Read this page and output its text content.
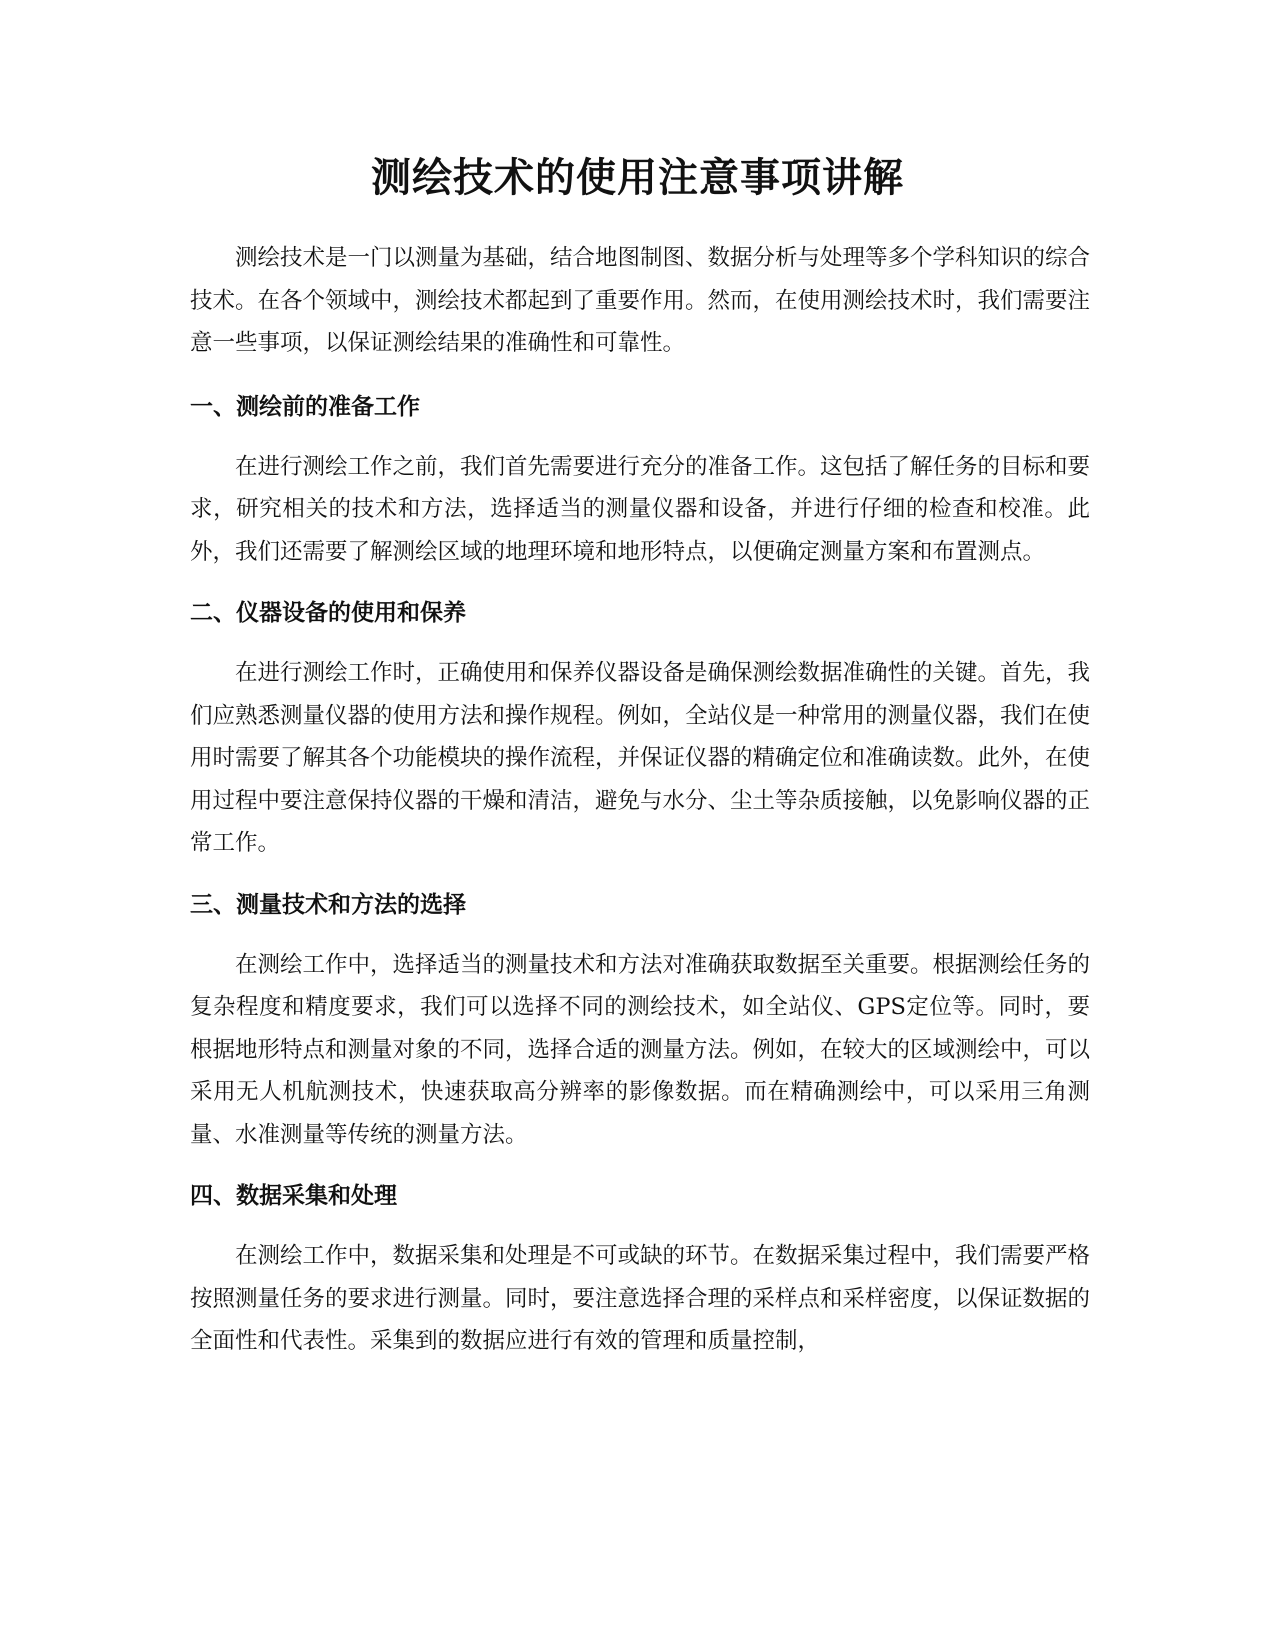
测绘技术的使用注意事项讲解

测绘技术是一门以测量为基础，结合地图制图、数据分析与处理等多个学科知识的综合技术。在各个领域中，测绘技术都起到了重要作用。然而，在使用测绘技术时，我们需要注意一些事项，以保证测绘结果的准确性和可靠性。

一、测绘前的准备工作

在进行测绘工作之前，我们首先需要进行充分的准备工作。这包括了解任务的目标和要求，研究相关的技术和方法，选择适当的测量仪器和设备，并进行仔细的检查和校准。此外，我们还需要了解测绘区域的地理环境和地形特点，以便确定测量方案和布置测点。

二、仪器设备的使用和保养

在进行测绘工作时，正确使用和保养仪器设备是确保测绘数据准确性的关键。首先，我们应熟悉测量仪器的使用方法和操作规程。例如，全站仪是一种常用的测量仪器，我们在使用时需要了解其各个功能模块的操作流程，并保证仪器的精确定位和准确读数。此外，在使用过程中要注意保持仪器的干燥和清洁，避免与水分、尘土等杂质接触，以免影响仪器的正常工作。

三、测量技术和方法的选择

在测绘工作中，选择适当的测量技术和方法对准确获取数据至关重要。根据测绘任务的复杂程度和精度要求，我们可以选择不同的测绘技术，如全站仪、GPS定位等。同时，要根据地形特点和测量对象的不同，选择合适的测量方法。例如，在较大的区域测绘中，可以采用无人机航测技术，快速获取高分辨率的影像数据。而在精确测绘中，可以采用三角测量、水准测量等传统的测量方法。

四、数据采集和处理

在测绘工作中，数据采集和处理是不可或缺的环节。在数据采集过程中，我们需要严格按照测量任务的要求进行测量。同时，要注意选择合理的采样点和采样密度，以保证数据的全面性和代表性。采集到的数据应进行有效的管理和质量控制，
